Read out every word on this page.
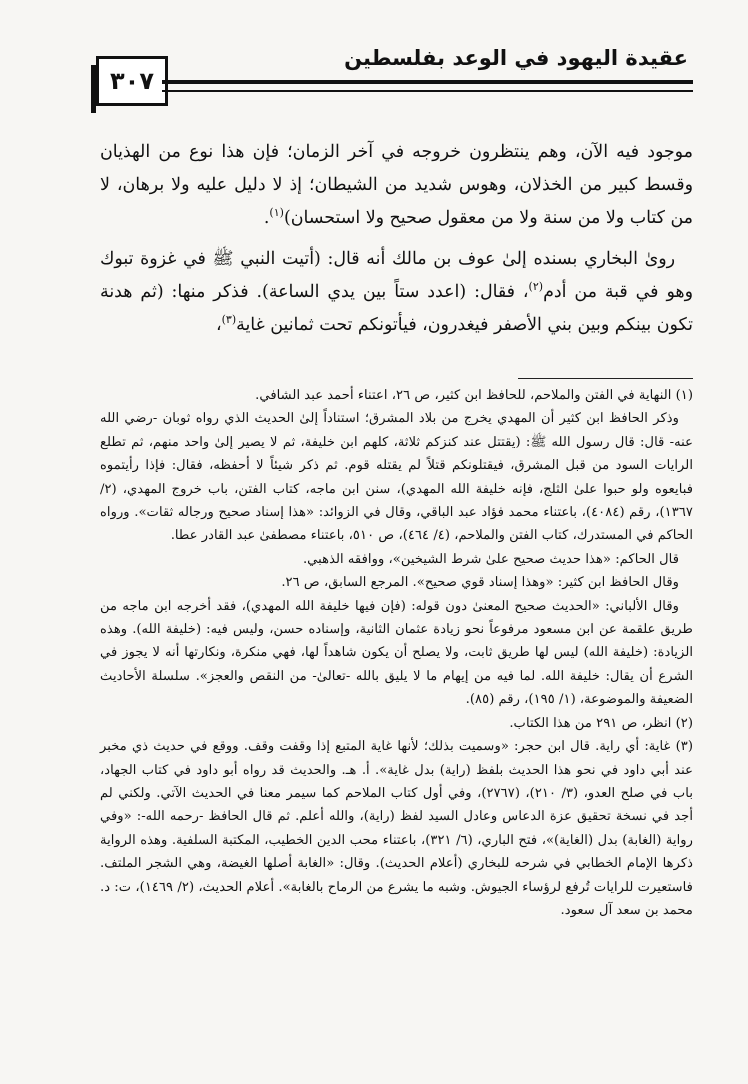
عقيدة اليهود في الوعد بفلسطين
٣٠٧

موجود فيه الآن، وهم ينتظرون خروجه في آخر الزمان؛ فإن هذا نوع من الهذيان وقسط كبير من الخذلان، وهوس شديد من الشيطان؛ إذ لا دليل عليه ولا برهان، لا من كتاب ولا من سنة ولا من معقول صحيح ولا استحسان)$^{(١)}$.

روىٰ البخاري بسنده إلىٰ عوف بن مالك أنه قال: (أتيت النبي ﷺ في غزوة تبوك وهو في قبة من أدم$^{(٢)}$، فقال: (اعدد ستاً بين يدي الساعة). فذكر منها: (ثم هدنة تكون بينكم وبين بني الأصفر فيغدرون، فيأتونكم تحت ثمانين غاية$^{(٣)}$،

(١) النهاية في الفتن والملاحم، للحافظ ابن كثير، ص ٢٦، اعتناء أحمد عبد الشافي.

وذكر الحافظ ابن كثير أن المهدي يخرج من بلاد المشرق؛ استناداً إلىٰ الحديث الذي رواه ثوبان -رضي الله عنه- قال: قال رسول الله ﷺ: (يقتتل عند كنزكم ثلاثة، كلهم ابن خليفة، ثم لا يصير إلىٰ واحد منهم، ثم تطلع الرايات السود من قبل المشرق، فيقتلونكم قتلاً لم يقتله قوم. ثم ذكر شيئاً لا أحفظه، فقال: فإذا رأيتموه فبايعوه ولو حبوا علىٰ الثلج، فإنه خليفة الله المهدي)، سنن ابن ماجه، كتاب الفتن، باب خروج المهدي، (٢/ ١٣٦٧)، رقم (٤٠٨٤)، باعتناء محمد فؤاد عبد الباقي، وقال في الزوائد: «هذا إسناد صحيح ورجاله ثقات». ورواه الحاكم في المستدرك، كتاب الفتن والملاحم، (٤/ ٤٦٤)، ص ٥١٠، باعتناء مصطفىٰ عبد القادر عطا.

قال الحاكم: «هذا حديث صحيح علىٰ شرط الشيخين»، ووافقه الذهبي.

وقال الحافظ ابن كثير: «وهذا إسناد قوي صحيح». المرجع السابق، ص ٢٦.

وقال الألباني: «الحديث صحيح المعنىٰ دون قوله: (فإن فيها خليفة الله المهدي)، فقد أخرجه ابن ماجه من طريق علقمة عن ابن مسعود مرفوعاً نحو زيادة عثمان الثانية، وإسناده حسن، وليس فيه: (خليفة الله). وهذه الزيادة: (خليفة الله) ليس لها طريق ثابت، ولا يصلح أن يكون شاهداً لها، فهي منكرة، ونكارتها أنه لا يجوز في الشرع أن يقال: خليفة الله. لما فيه من إيهام ما لا يليق بالله -تعالىٰ- من النقص والعجز». سلسلة الأحاديث الضعيفة والموضوعة، (١/ ١٩٥)، رقم (٨٥).

(٢) انظر، ص ٢٩١ من هذا الكتاب.

(٣) غاية: أي راية. قال ابن حجر: «وسميت بذلك؛ لأنها غاية المتبع إذا وقفت وقف. ووقع في حديث ذي مخبر عند أبي داود في نحو هذا الحديث بلفظ (راية) بدل غاية». أ. هـ. والحديث قد رواه أبو داود في كتاب الجهاد، باب في صلح العدو، (٣/ ٢١٠)، (٢٧٦٧)، وفي أول كتاب الملاحم كما سيمر معنا في الحديث الآتي. ولكني لم أجد في نسخة تحقيق عزة الدعاس وعادل السيد لفظ (راية)، والله أعلم. ثم قال الحافظ -رحمه الله-: «وفي رواية (الغابة) بدل (الغاية)»، فتح الباري، (٦/ ٣٢١)، باعتناء محب الدين الخطيب، المكتبة السلفية. وهذه الرواية ذكرها الإمام الخطابي في شرحه للبخاري (أعلام الحديث). وقال: «الغابة أصلها الغيضة، وهي الشجر الملتف. فاستعيرت للرايات تُرفع لرؤساء الجيوش. وشبه ما يشرع من الرماح بالغابة». أعلام الحديث، (٢/ ١٤٦٩)، ت: د. محمد بن سعد آل سعود.
